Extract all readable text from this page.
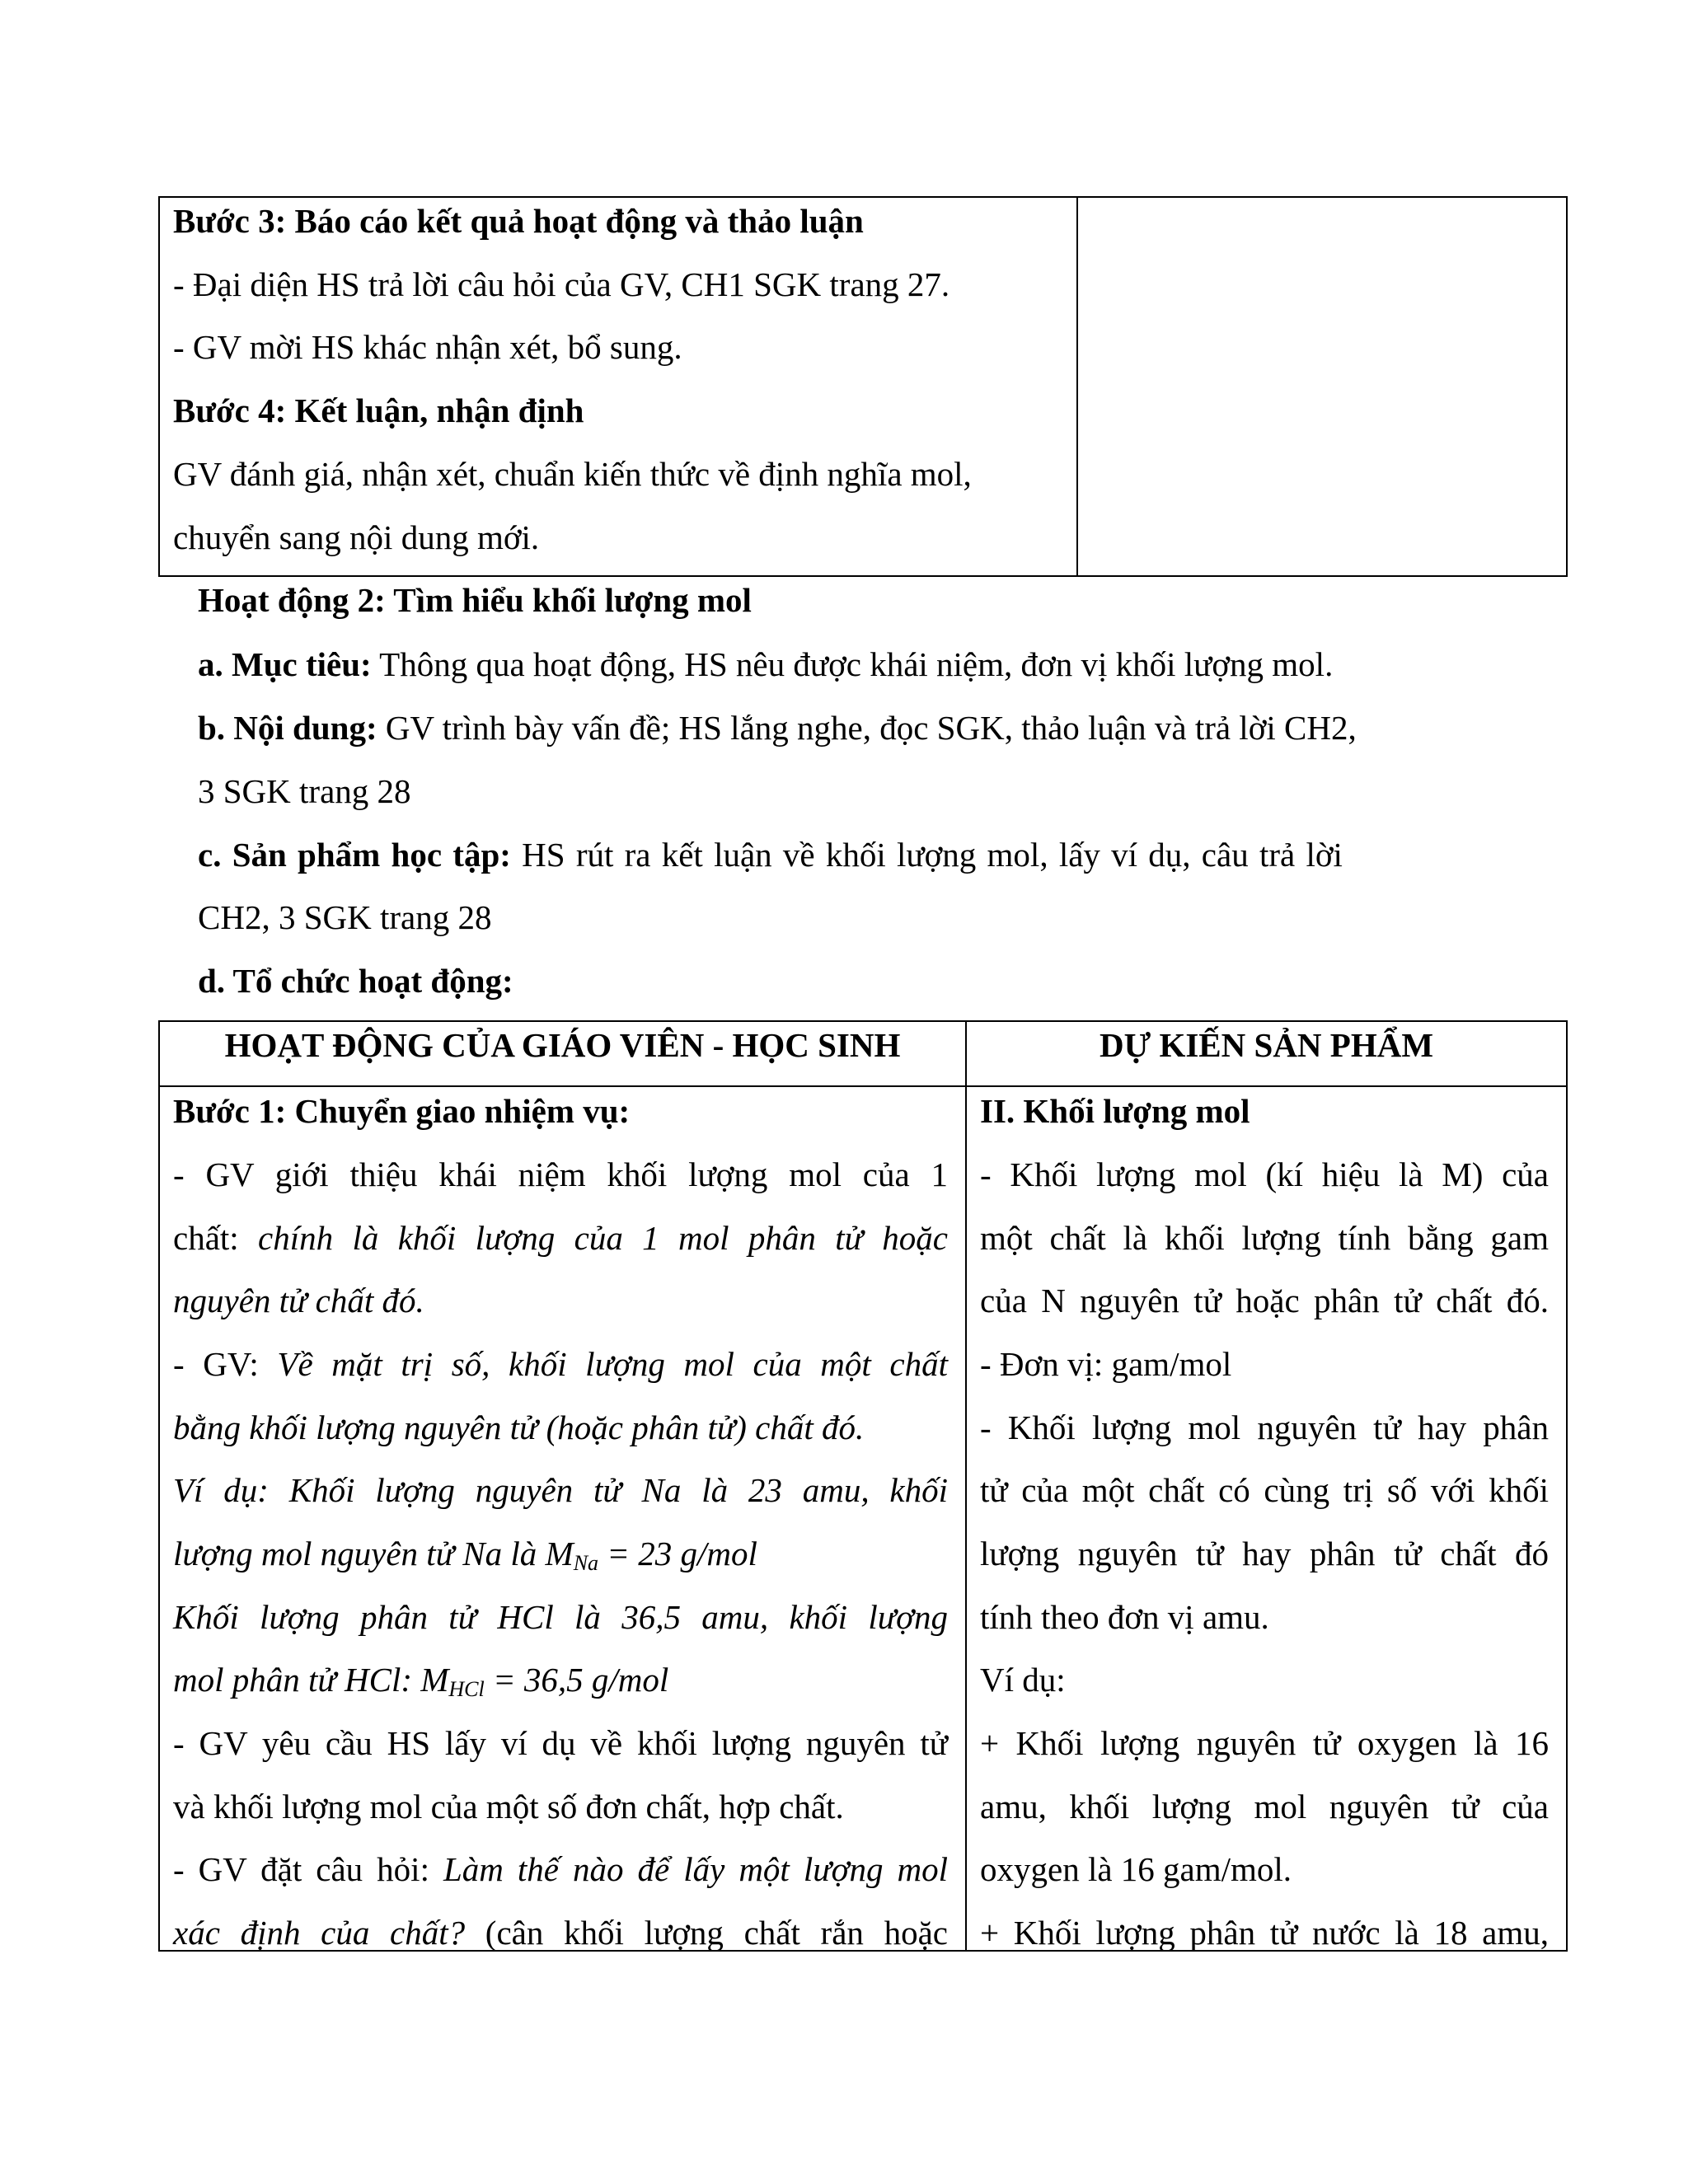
Bước 3: Báo cáo kết quả hoạt động và thảo luận
- Đại diện HS trả lời câu hỏi của GV, CH1 SGK trang 27.
- GV mời HS khác nhận xét, bổ sung.
Bước 4: Kết luận, nhận định
GV đánh giá, nhận xét, chuẩn kiến thức về định nghĩa mol,
chuyển sang nội dung mới.
Hoạt động 2: Tìm hiểu khối lượng mol
a. Mục tiêu: Thông qua hoạt động, HS nêu được khái niệm, đơn vị khối lượng mol.
b. Nội dung: GV trình bày vấn đề; HS lắng nghe, đọc SGK, thảo luận và trả lời CH2,
3 SGK trang 28
c. Sản phẩm học tập: HS rút ra kết luận về khối lượng mol, lấy ví dụ, câu trả lời
CH2, 3 SGK trang 28
d. Tổ chức hoạt động:
HOẠT ĐỘNG CỦA GIÁO VIÊN - HỌC SINH	DỰ KIẾN SẢN PHẨM
Bước 1: Chuyển giao nhiệm vụ:
- GV giới thiệu khái niệm khối lượng mol của 1
chất: chính là khối lượng của 1 mol phân tử hoặc
nguyên tử chất đó.
- GV: Về mặt trị số, khối lượng mol của một chất
bằng khối lượng nguyên tử (hoặc phân tử) chất đó.
Ví dụ: Khối lượng nguyên tử Na là 23 amu, khối
lượng mol nguyên tử Na là $M_{Na} = 23$ g/mol
Khối lượng phân tử HCl là 36,5 amu, khối lượng
mol phân tử HCl: $M_{HCl} = 36,5$ g/mol
- GV yêu cầu HS lấy ví dụ về khối lượng nguyên tử
và khối lượng mol của một số đơn chất, hợp chất.
- GV đặt câu hỏi: Làm thế nào để lấy một lượng mol
xác định của chất? (cân khối lượng chất rắn hoặc
II. Khối lượng mol
- Khối lượng mol (kí hiệu là M) của
một chất là khối lượng tính bằng gam
của N nguyên tử hoặc phân tử chất đó.
- Đơn vị: gam/mol
- Khối lượng mol nguyên tử hay phân
tử của một chất có cùng trị số với khối
lượng nguyên tử hay phân tử chất đó
tính theo đơn vị amu.
Ví dụ:
+ Khối lượng nguyên tử oxygen là 16
amu, khối lượng mol nguyên tử của
oxygen là 16 gam/mol.
+ Khối lượng phân tử nước là 18 amu,
